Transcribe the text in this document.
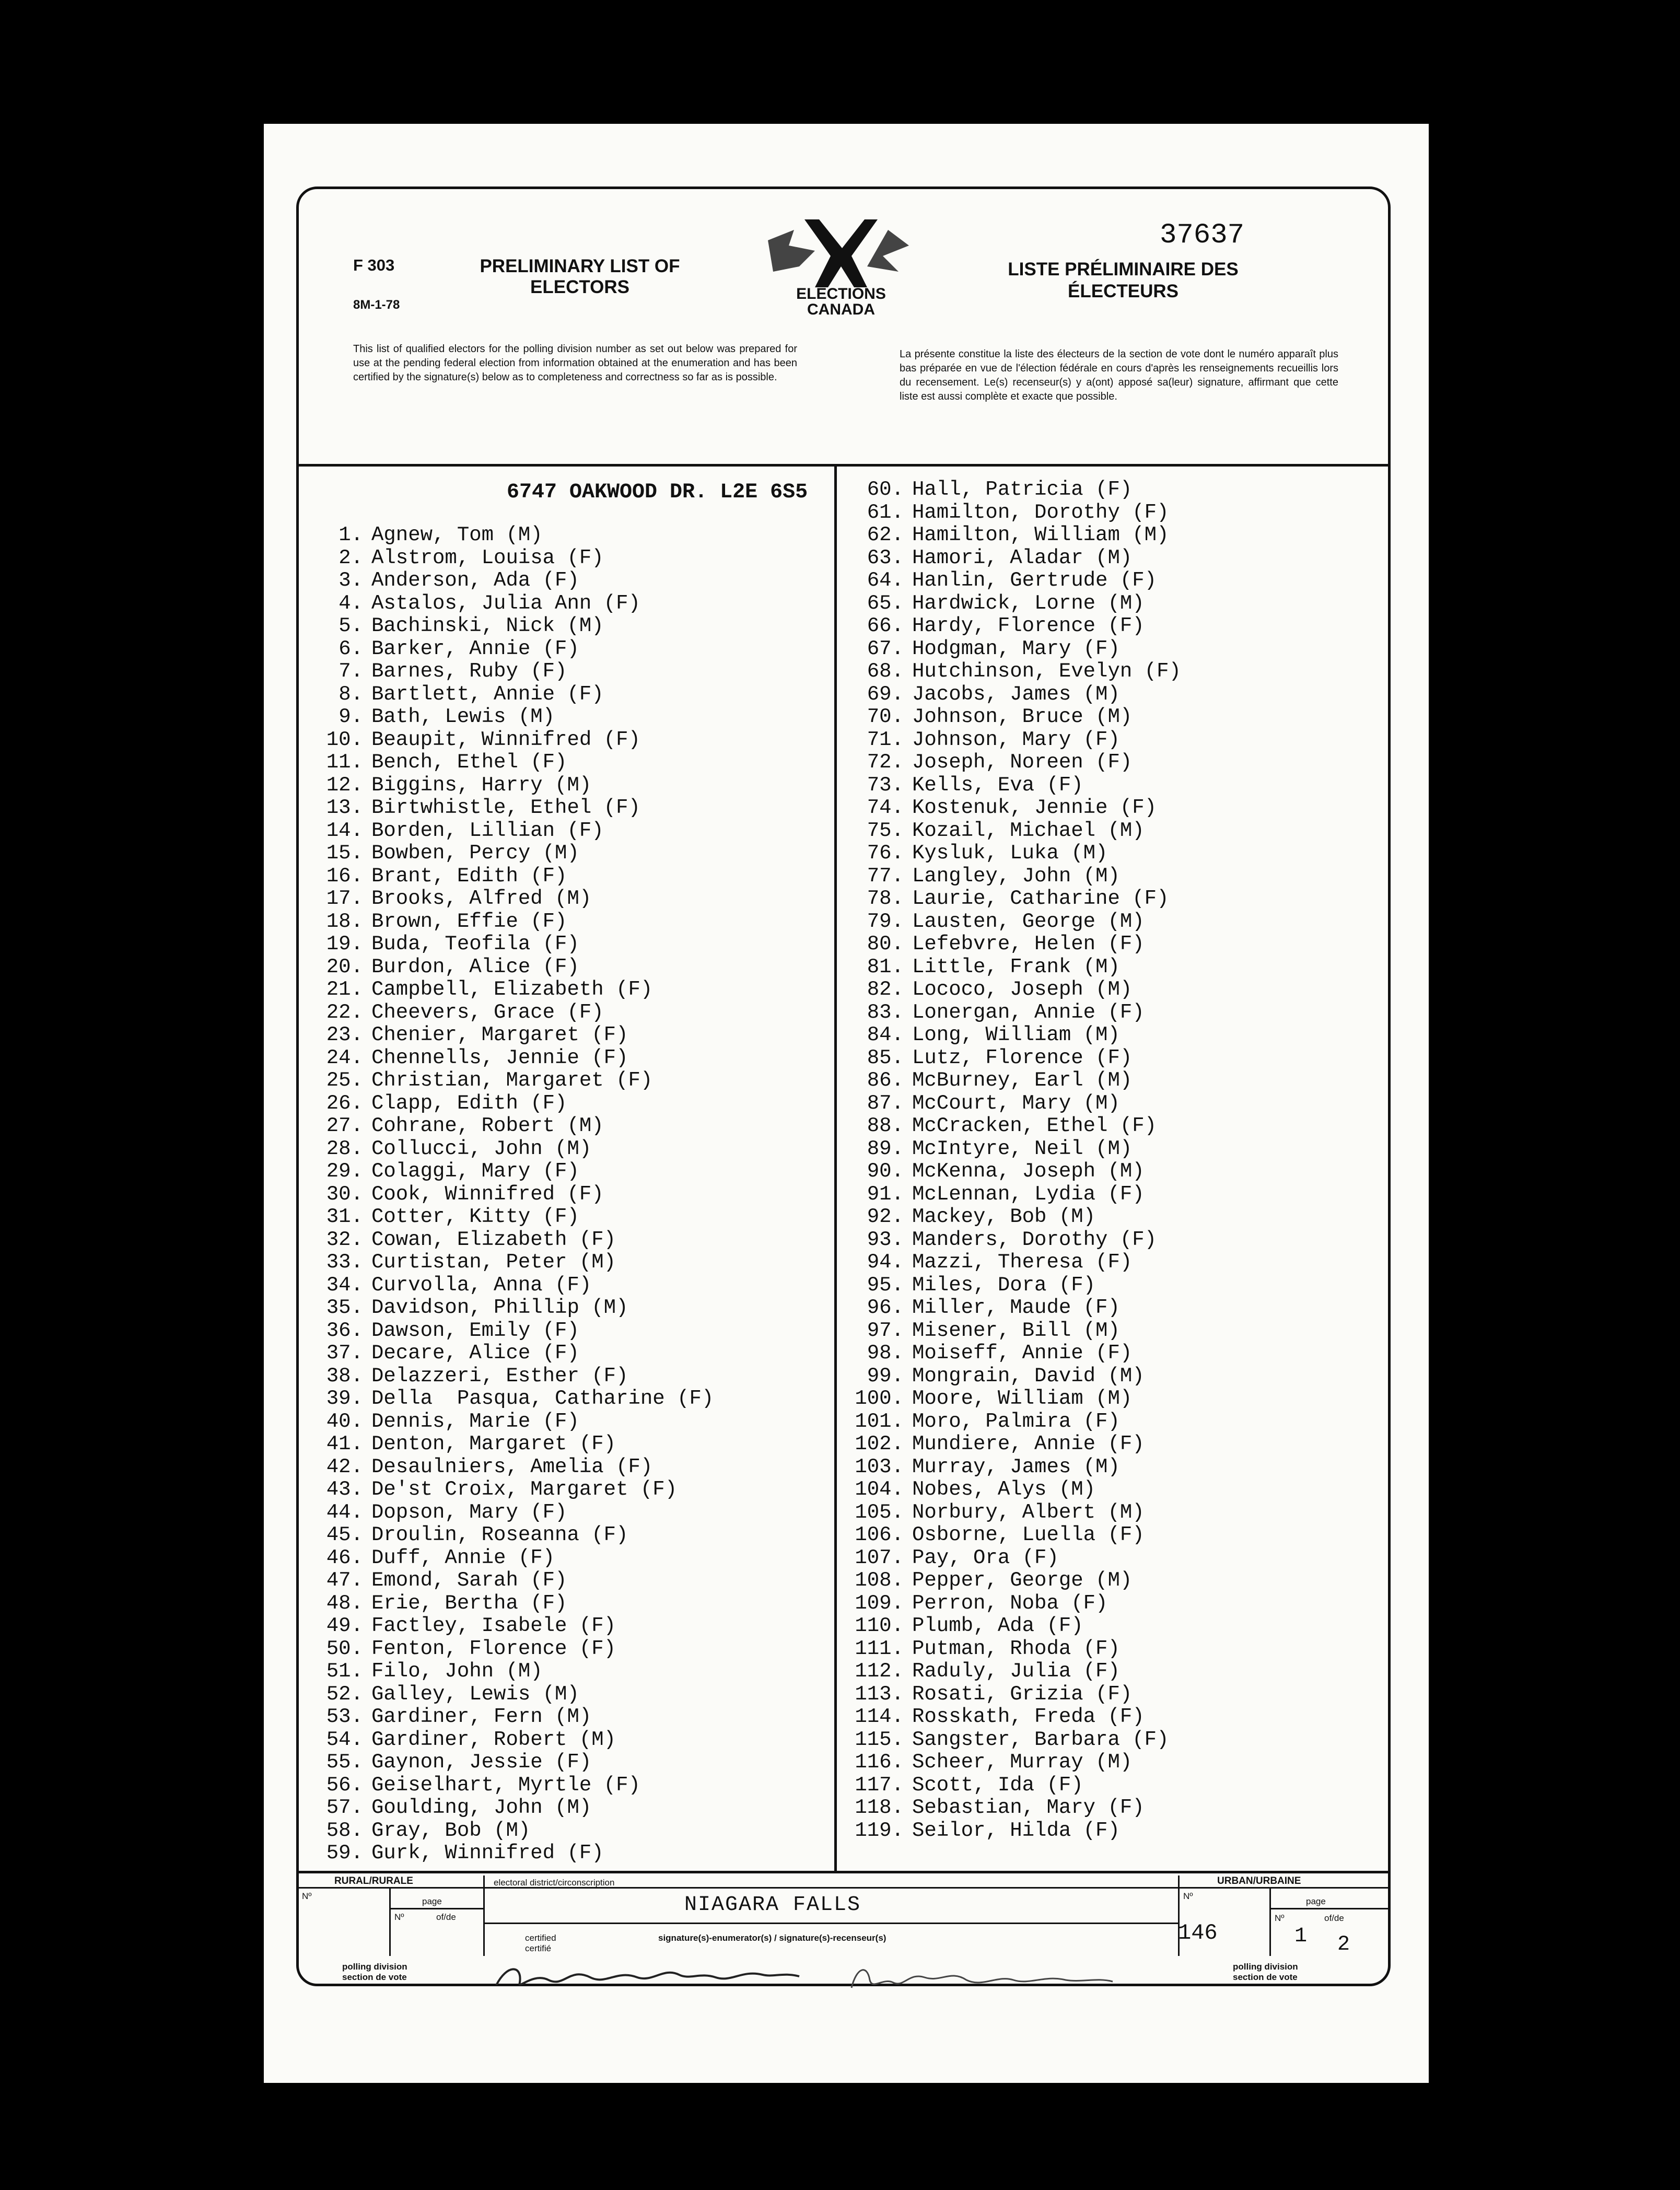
F 303
8M-1-78
PRELIMINARY LIST OF ELECTORS	ELECTIONS CANADA
37637
LISTE PRÉLIMINAIRE DES ÉLECTEURS
This list of qualified electors for the polling division number as set out below was prepared for use at the pending federal election from information obtained at the enumeration and has been certified by the signature(s) below as to completeness and correctness so far as is possible.
La présente constitue la liste des électeurs de la section de vote dont le numéro apparaît plus bas préparée en vue de l'élection fédérale en cours d'après les renseignements recueillis lors du recensement. Le(s) recenseur(s) y a(ont) apposé sa(leur) signature, affirmant que cette liste est aussi complète et exacte que possible.
6747 OAKWOOD DR. L2E 6S5
1. Agnew, Tom (M)
2. Alstrom, Louisa (F)
3. Anderson, Ada (F)
4. Astalos, Julia Ann (F)
5. Bachinski, Nick (M)
6. Barker, Annie (F)
7. Barnes, Ruby (F)
8. Bartlett, Annie (F)
9. Bath, Lewis (M)
10. Beaupit, Winnifred (F)
11. Bench, Ethel (F)
12. Biggins, Harry (M)
13. Birtwhistle, Ethel (F)
14. Borden, Lillian (F)
15. Bowben, Percy (M)
16. Brant, Edith (F)
17. Brooks, Alfred (M)
18. Brown, Effie (F)
19. Buda, Teofila (F)
20. Burdon, Alice (F)
21. Campbell, Elizabeth (F)
22. Cheevers, Grace (F)
23. Chenier, Margaret (F)
24. Chennells, Jennie (F)
25. Christian, Margaret (F)
26. Clapp, Edith (F)
27. Cohrane, Robert (M)
28. Collucci, John (M)
29. Colaggi, Mary (F)
30. Cook, Winnifred (F)
31. Cotter, Kitty (F)
32. Cowan, Elizabeth (F)
33. Curtistan, Peter (M)
34. Curvolla, Anna (F)
35. Davidson, Phillip (M)
36. Dawson, Emily (F)
37. Decare, Alice (F)
38. Delazzeri, Esther (F)
39. Della  Pasqua, Catharine (F)
40. Dennis, Marie (F)
41. Denton, Margaret (F)
42. Desaulniers, Amelia (F)
43. De'st Croix, Margaret (F)
44. Dopson, Mary (F)
45. Droulin, Roseanna (F)
46. Duff, Annie (F)
47. Emond, Sarah (F)
48. Erie, Bertha (F)
49. Factley, Isabele (F)
50. Fenton, Florence (F)
51. Filo, John (M)
52. Galley, Lewis (M)
53. Gardiner, Fern (M)
54. Gardiner, Robert (M)
55. Gaynon, Jessie (F)
56. Geiselhart, Myrtle (F)
57. Goulding, John (M)
58. Gray, Bob (M)
59. Gurk, Winnifred (F)
60. Hall, Patricia (F)
61. Hamilton, Dorothy (F)
62. Hamilton, William (M)
63. Hamori, Aladar (M)
64. Hanlin, Gertrude (F)
65. Hardwick, Lorne (M)
66. Hardy, Florence (F)
67. Hodgman, Mary (F)
68. Hutchinson, Evelyn (F)
69. Jacobs, James (M)
70. Johnson, Bruce (M)
71. Johnson, Mary (F)
72. Joseph, Noreen (F)
73. Kells, Eva (F)
74. Kostenuk, Jennie (F)
75. Kozail, Michael (M)
76. Kysluk, Luka (M)
77. Langley, John (M)
78. Laurie, Catharine (F)
79. Lausten, George (M)
80. Lefebvre, Helen (F)
81. Little, Frank (M)
82. Lococo, Joseph (M)
83. Lonergan, Annie (F)
84. Long, William (M)
85. Lutz, Florence (F)
86. McBurney, Earl (M)
87. McCourt, Mary (M)
88. McCracken, Ethel (F)
89. McIntyre, Neil (M)
90. McKenna, Joseph (M)
91. McLennan, Lydia (F)
92. Mackey, Bob (M)
93. Manders, Dorothy (F)
94. Mazzi, Theresa (F)
95. Miles, Dora (F)
96. Miller, Maude (F)
97. Misener, Bill (M)
98. Moiseff, Annie (F)
99. Mongrain, David (M)
100. Moore, William (M)
101. Moro, Palmira (F)
102. Mundiere, Annie (F)
103. Murray, James (M)
104. Nobes, Alys (M)
105. Norbury, Albert (M)
106. Osborne, Luella (F)
107. Pay, Ora (F)
108. Pepper, George (M)
109. Perron, Noba (F)
110. Plumb, Ada (F)
111. Putman, Rhoda (F)
112. Raduly, Julia (F)
113. Rosati, Grizia (F)
114. Rosskath, Freda (F)
115. Sangster, Barbara (F)
116. Scheer, Murray (M)
117. Scott, Ida (F)
118. Sebastian, Mary (F)
119. Seilor, Hilda (F)
RURAL/RURALE
Nº
page
Nº	of/de
polling division
section de vote
electoral district/circonscription
NIAGARA FALLS
certified
certifié
signature(s)-enumerator(s) / signature(s)-recenseur(s)
URBAN/URBAINE
Nº
146
page
Nº
1
of/de
2
polling division
section de vote
